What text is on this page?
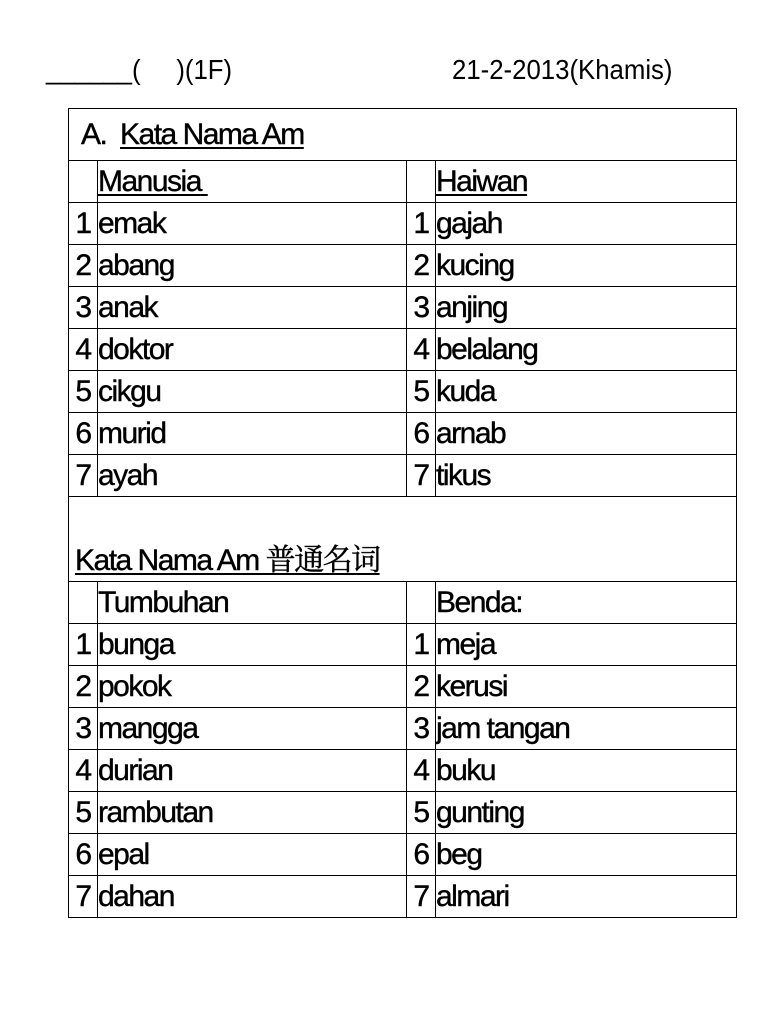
______(     )(1F)	21-2-2013(Khamis)
A. Kata Nama Am			
	Manusia		Haiwan
1	emak	1	gajah
2	abang	2	kucing
3	anak	3	anjing
4	doktor	4	belalang
5	cikgu	5	kuda
6	murid	6	arnab
7	ayah	7	tikus
Kata Nama Am 普通名词			
	Tumbuhan		Benda:
1	bunga	1	meja
2	pokok	2	kerusi
3	mangga	3	jam tangan
4	durian	4	buku
5	rambutan	5	gunting
6	epal	6	beg
7	dahan	7	almari
